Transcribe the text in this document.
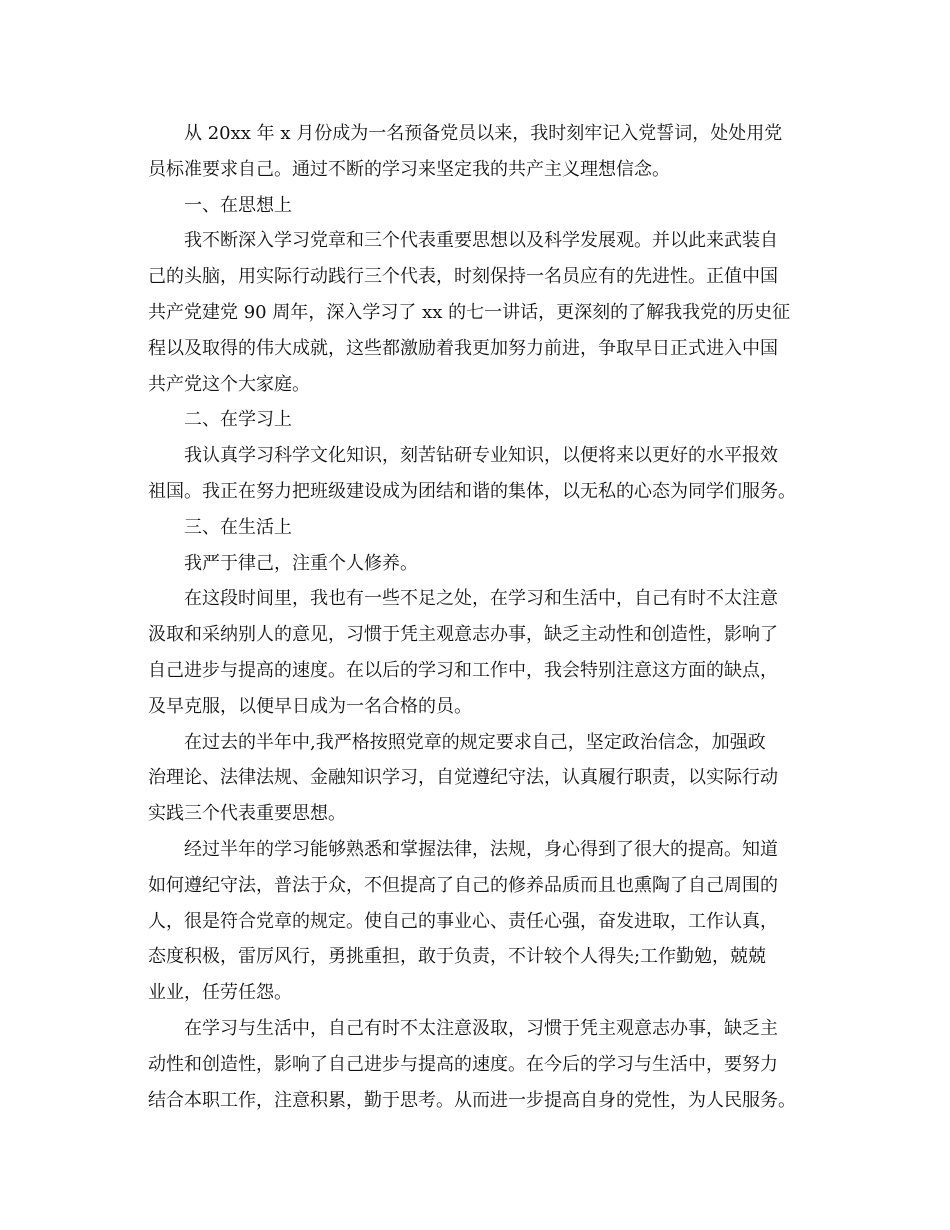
从 20xx 年 x 月份成为一名预备党员以来，我时刻牢记入党誓词，处处用党
员标准要求自己。通过不断的学习来坚定我的共产主义理想信念。
一、在思想上
我不断深入学习党章和三个代表重要思想以及科学发展观。并以此来武装自
己的头脑，用实际行动践行三个代表，时刻保持一名员应有的先进性。正值中国
共产党建党 90 周年，深入学习了 xx 的七一讲话，更深刻的了解我我党的历史征
程以及取得的伟大成就，这些都激励着我更加努力前进，争取早日正式进入中国
共产党这个大家庭。
二、在学习上
我认真学习科学文化知识，刻苦钻研专业知识，以便将来以更好的水平报效
祖国。我正在努力把班级建设成为团结和谐的集体，以无私的心态为同学们服务。
三、在生活上
我严于律己，注重个人修养。
在这段时间里，我也有一些不足之处，在学习和生活中，自己有时不太注意
汲取和采纳别人的意见，习惯于凭主观意志办事，缺乏主动性和创造性，影响了
自己进步与提高的速度。在以后的学习和工作中，我会特别注意这方面的缺点，
及早克服，以便早日成为一名合格的员。
在过去的半年中,我严格按照党章的规定要求自己，坚定政治信念，加强政
治理论、法律法规、金融知识学习，自觉遵纪守法，认真履行职责，以实际行动
实践三个代表重要思想。
经过半年的学习能够熟悉和掌握法律，法规，身心得到了很大的提高。知道
如何遵纪守法，普法于众，不但提高了自己的修养品质而且也熏陶了自己周围的
人，很是符合党章的规定。使自己的事业心、责任心强，奋发进取，工作认真，
态度积极，雷厉风行，勇挑重担，敢于负责，不计较个人得失;工作勤勉，兢兢
业业，任劳任怨。
在学习与生活中，自己有时不太注意汲取，习惯于凭主观意志办事，缺乏主
动性和创造性，影响了自己进步与提高的速度。在今后的学习与生活中，要努力
结合本职工作，注意积累，勤于思考。从而进一步提高自身的党性，为人民服务。
